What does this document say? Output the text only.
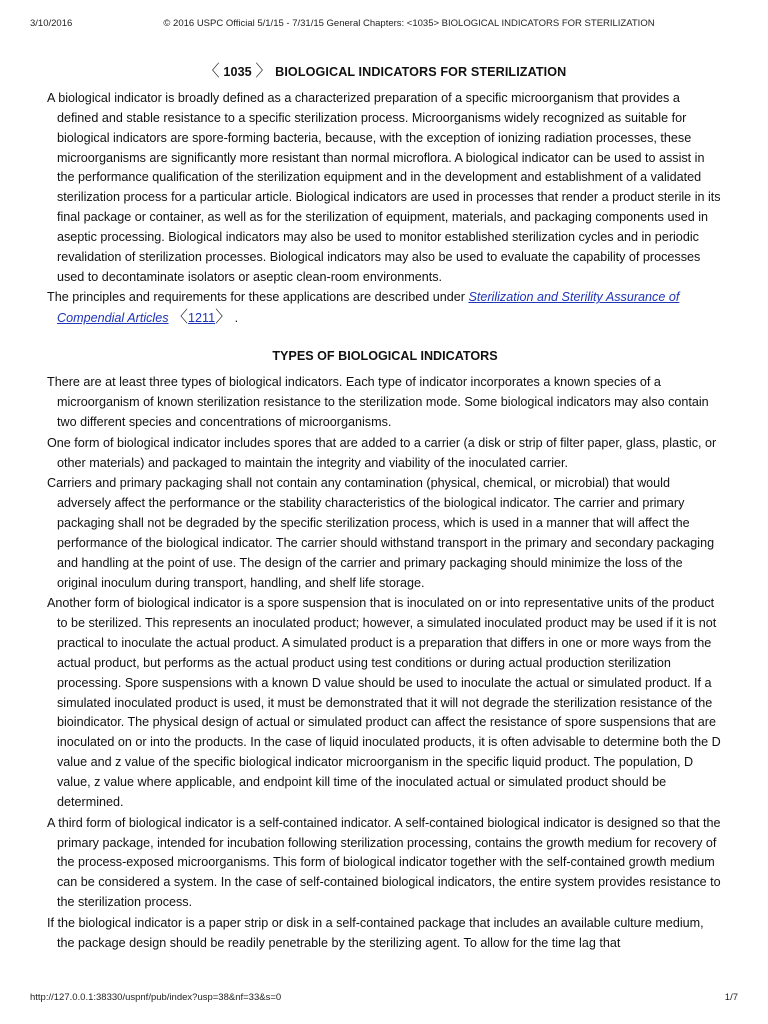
3/10/2016	© 2016 USPC Official 5/1/15 - 7/31/15 General Chapters: <1035> BIOLOGICAL INDICATORS FOR STERILIZATION
〈 1035 〉 BIOLOGICAL INDICATORS FOR STERILIZATION

A biological indicator is broadly defined as a characterized preparation of a specific microorganism that provides a defined and stable resistance to a specific sterilization process. Microorganisms widely recognized as suitable for biological indicators are spore-forming bacteria, because, with the exception of ionizing radiation processes, these microorganisms are significantly more resistant than normal microflora. A biological indicator can be used to assist in the performance qualification of the sterilization equipment and in the development and establishment of a validated sterilization process for a particular article. Biological indicators are used in processes that render a product sterile in its final package or container, as well as for the sterilization of equipment, materials, and packaging components used in aseptic processing. Biological indicators may also be used to monitor established sterilization cycles and in periodic revalidation of sterilization processes. Biological indicators may also be used to evaluate the capability of processes used to decontaminate isolators or aseptic clean-room environments.

The principles and requirements for these applications are described under Sterilization and Sterility Assurance of Compendial Articles 〈1211〉 .

TYPES OF BIOLOGICAL INDICATORS

There are at least three types of biological indicators. Each type of indicator incorporates a known species of a microorganism of known sterilization resistance to the sterilization mode. Some biological indicators may also contain two different species and concentrations of microorganisms.

One form of biological indicator includes spores that are added to a carrier (a disk or strip of filter paper, glass, plastic, or other materials) and packaged to maintain the integrity and viability of the inoculated carrier.

Carriers and primary packaging shall not contain any contamination (physical, chemical, or microbial) that would adversely affect the performance or the stability characteristics of the biological indicator. The carrier and primary packaging shall not be degraded by the specific sterilization process, which is used in a manner that will affect the performance of the biological indicator. The carrier should withstand transport in the primary and secondary packaging and handling at the point of use. The design of the carrier and primary packaging should minimize the loss of the original inoculum during transport, handling, and shelf life storage.

Another form of biological indicator is a spore suspension that is inoculated on or into representative units of the product to be sterilized. This represents an inoculated product; however, a simulated inoculated product may be used if it is not practical to inoculate the actual product. A simulated product is a preparation that differs in one or more ways from the actual product, but performs as the actual product using test conditions or during actual production sterilization processing. Spore suspensions with a known D value should be used to inoculate the actual or simulated product. If a simulated inoculated product is used, it must be demonstrated that it will not degrade the sterilization resistance of the bioindicator. The physical design of actual or simulated product can affect the resistance of spore suspensions that are inoculated on or into the products. In the case of liquid inoculated products, it is often advisable to determine both the D value and z value of the specific biological indicator microorganism in the specific liquid product. The population, D value, z value where applicable, and endpoint kill time of the inoculated actual or simulated product should be determined.

A third form of biological indicator is a self-contained indicator. A self-contained biological indicator is designed so that the primary package, intended for incubation following sterilization processing, contains the growth medium for recovery of the process-exposed microorganisms. This form of biological indicator together with the self-contained growth medium can be considered a system. In the case of self-contained biological indicators, the entire system provides resistance to the sterilization process.

If the biological indicator is a paper strip or disk in a self-contained package that includes an available culture medium, the package design should be readily penetrable by the sterilizing agent. To allow for the time lag that

http://127.0.0.1:38330/uspnf/pub/index?usp=38&nf=33&s=0	1/7
